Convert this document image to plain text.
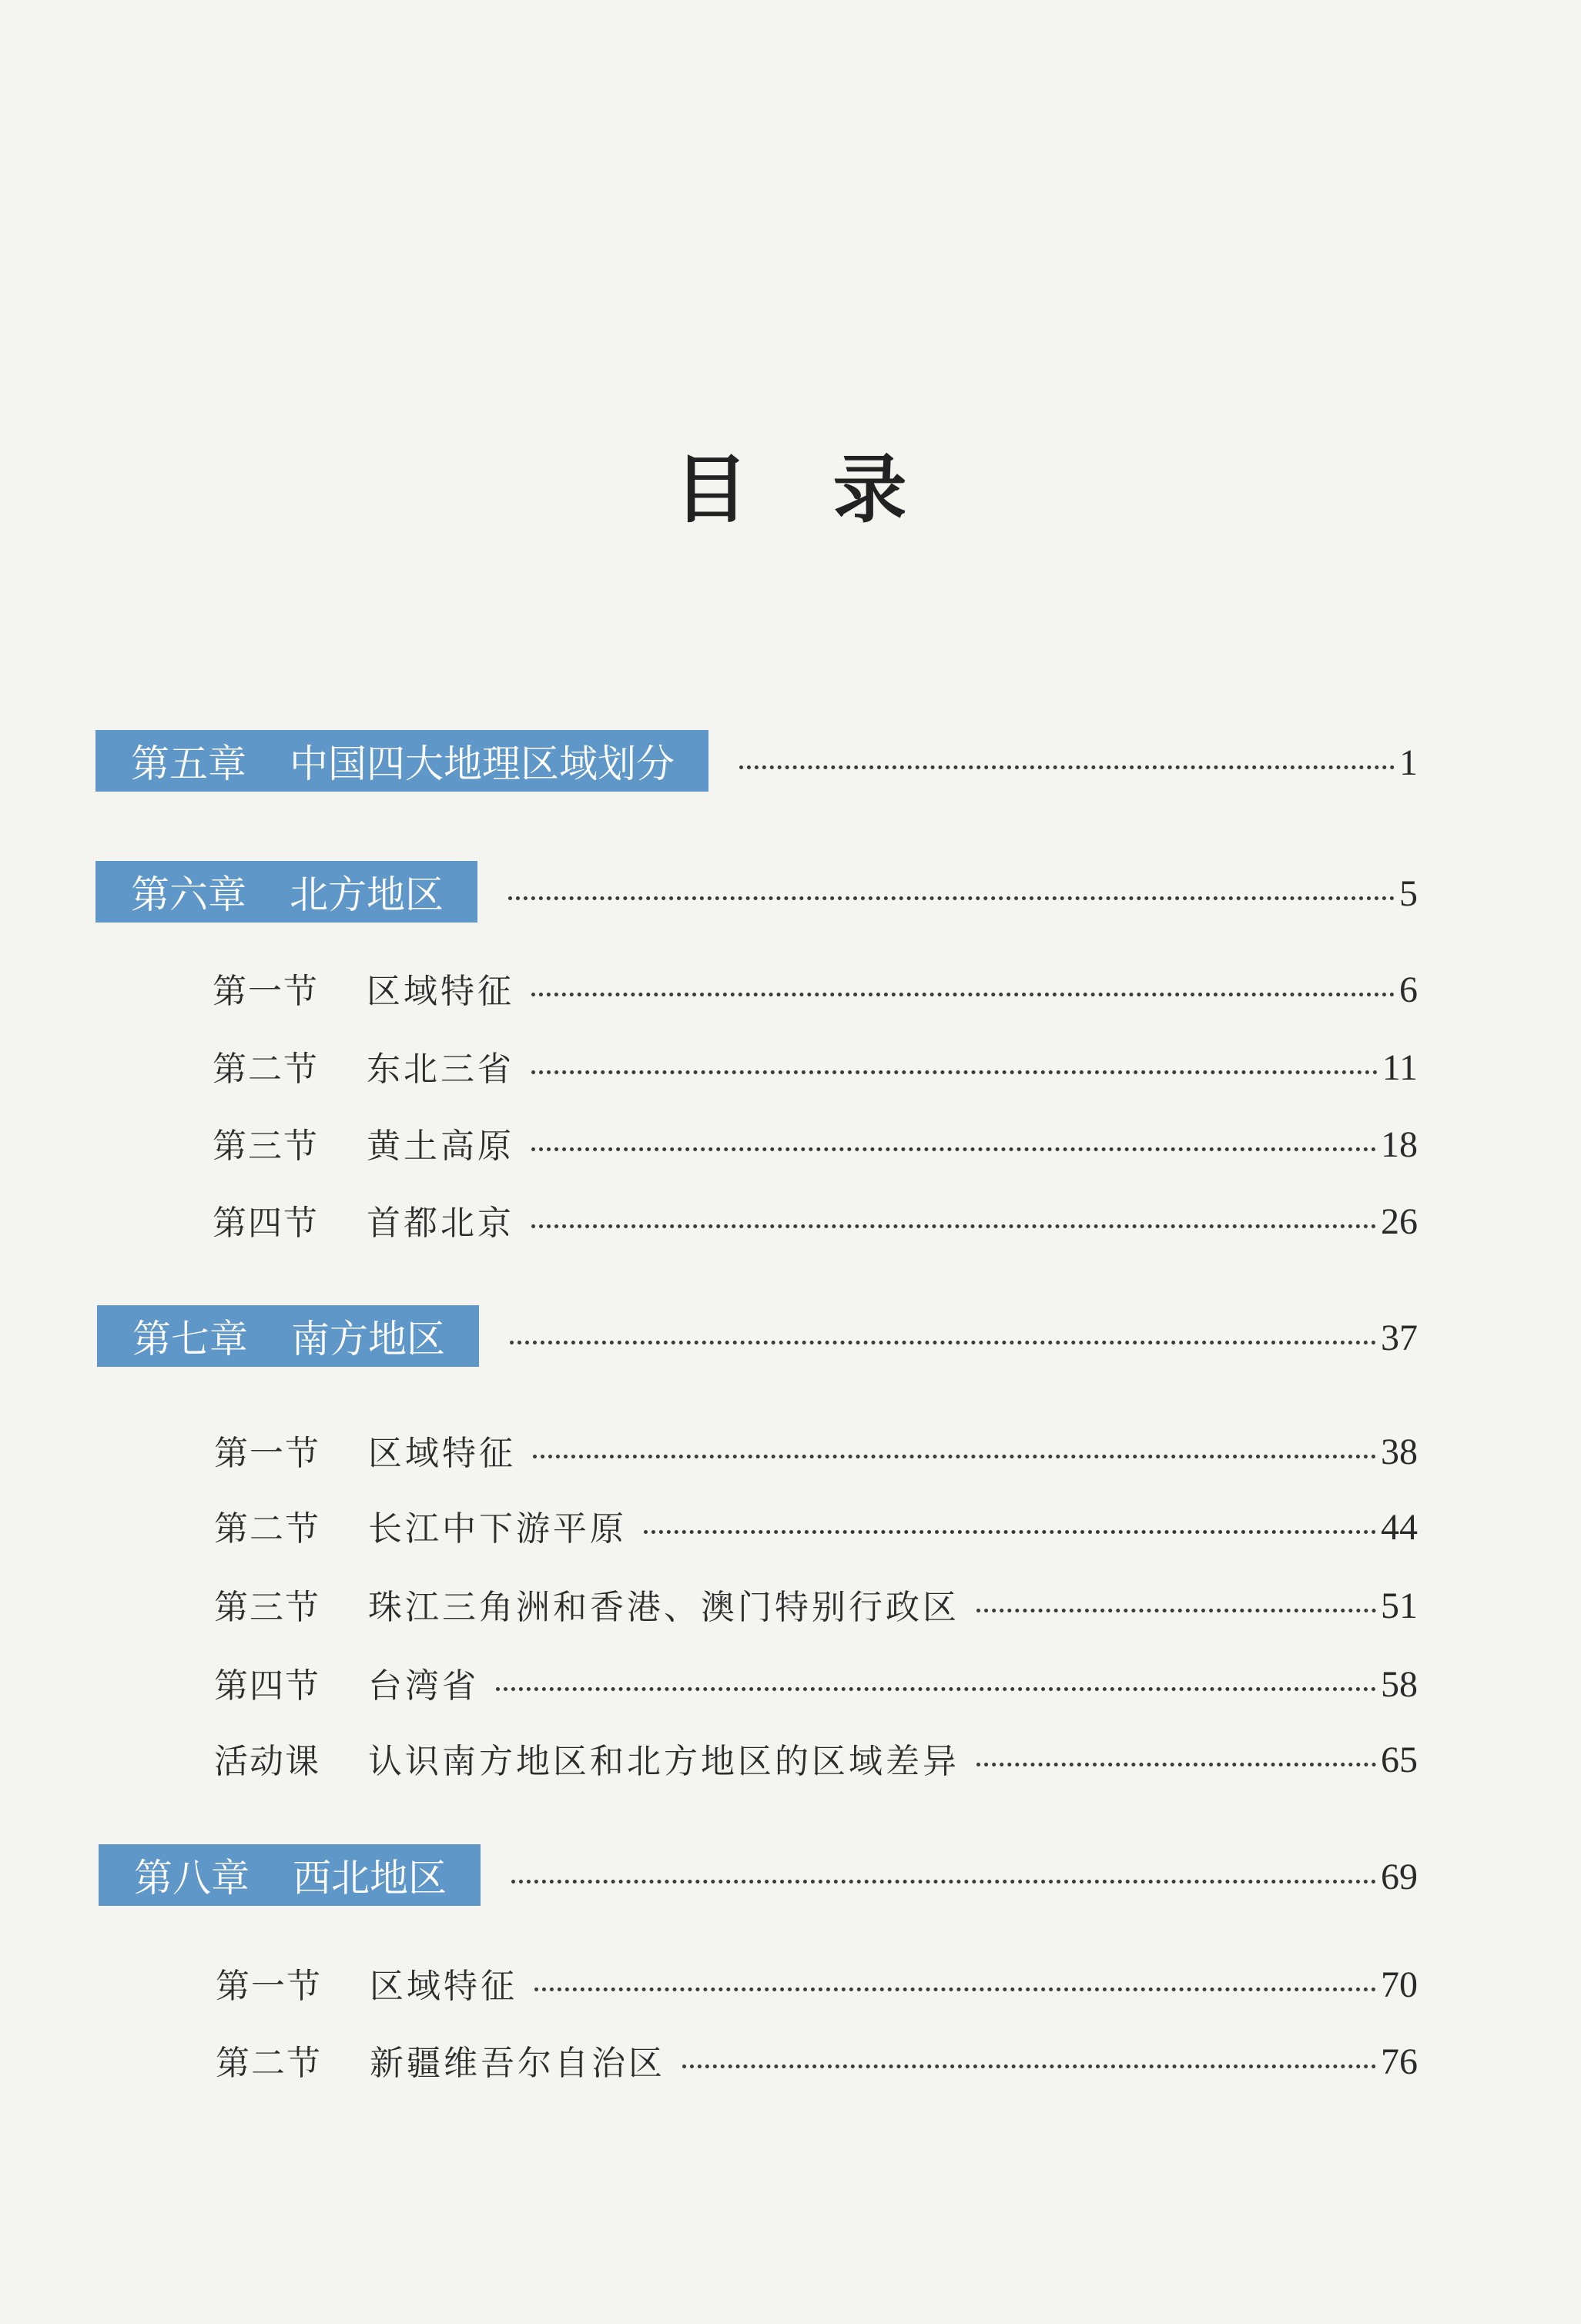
目 录
第五章 中国四大地理区域划分	1
第六章 北方地区	5
第一节	区域特征	6
第二节	东北三省	11
第三节	黄土高原	18
第四节	首都北京	26
第七章 南方地区	37
第一节	区域特征	38
第二节	长江中下游平原	44
第三节	珠江三角洲和香港、澳门特别行政区	51
第四节	台湾省	58
活动课	认识南方地区和北方地区的区域差异	65
第八章 西北地区	69
第一节	区域特征	70
第二节	新疆维吾尔自治区	76
